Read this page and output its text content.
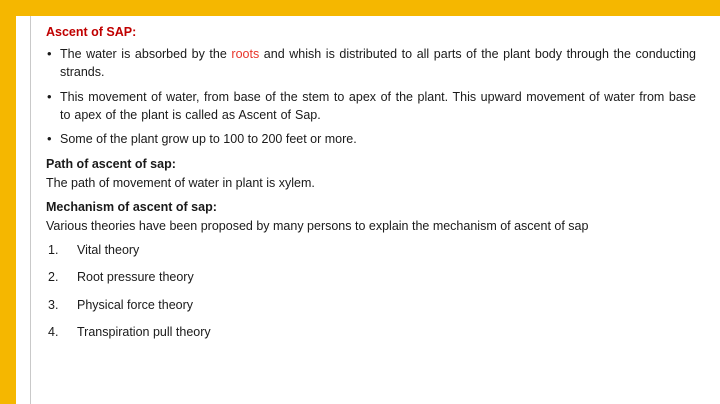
Ascent of SAP:
• The water is absorbed by the roots and whish is distributed to all parts of the plant body through the conducting strands.
• This movement of water, from base of the stem to apex of the plant. This upward movement of water from base to apex of the plant is called as Ascent of Sap.
• Some of the plant grow up to 100 to 200 feet or more.
Path of ascent of sap:
The path of movement of water in plant is xylem.
Mechanism of ascent of sap:
Various theories have been proposed by many persons to explain the mechanism of ascent of sap
1.	Vital theory
2.	Root pressure theory
3.	Physical force theory
4.	Transpiration pull theory
